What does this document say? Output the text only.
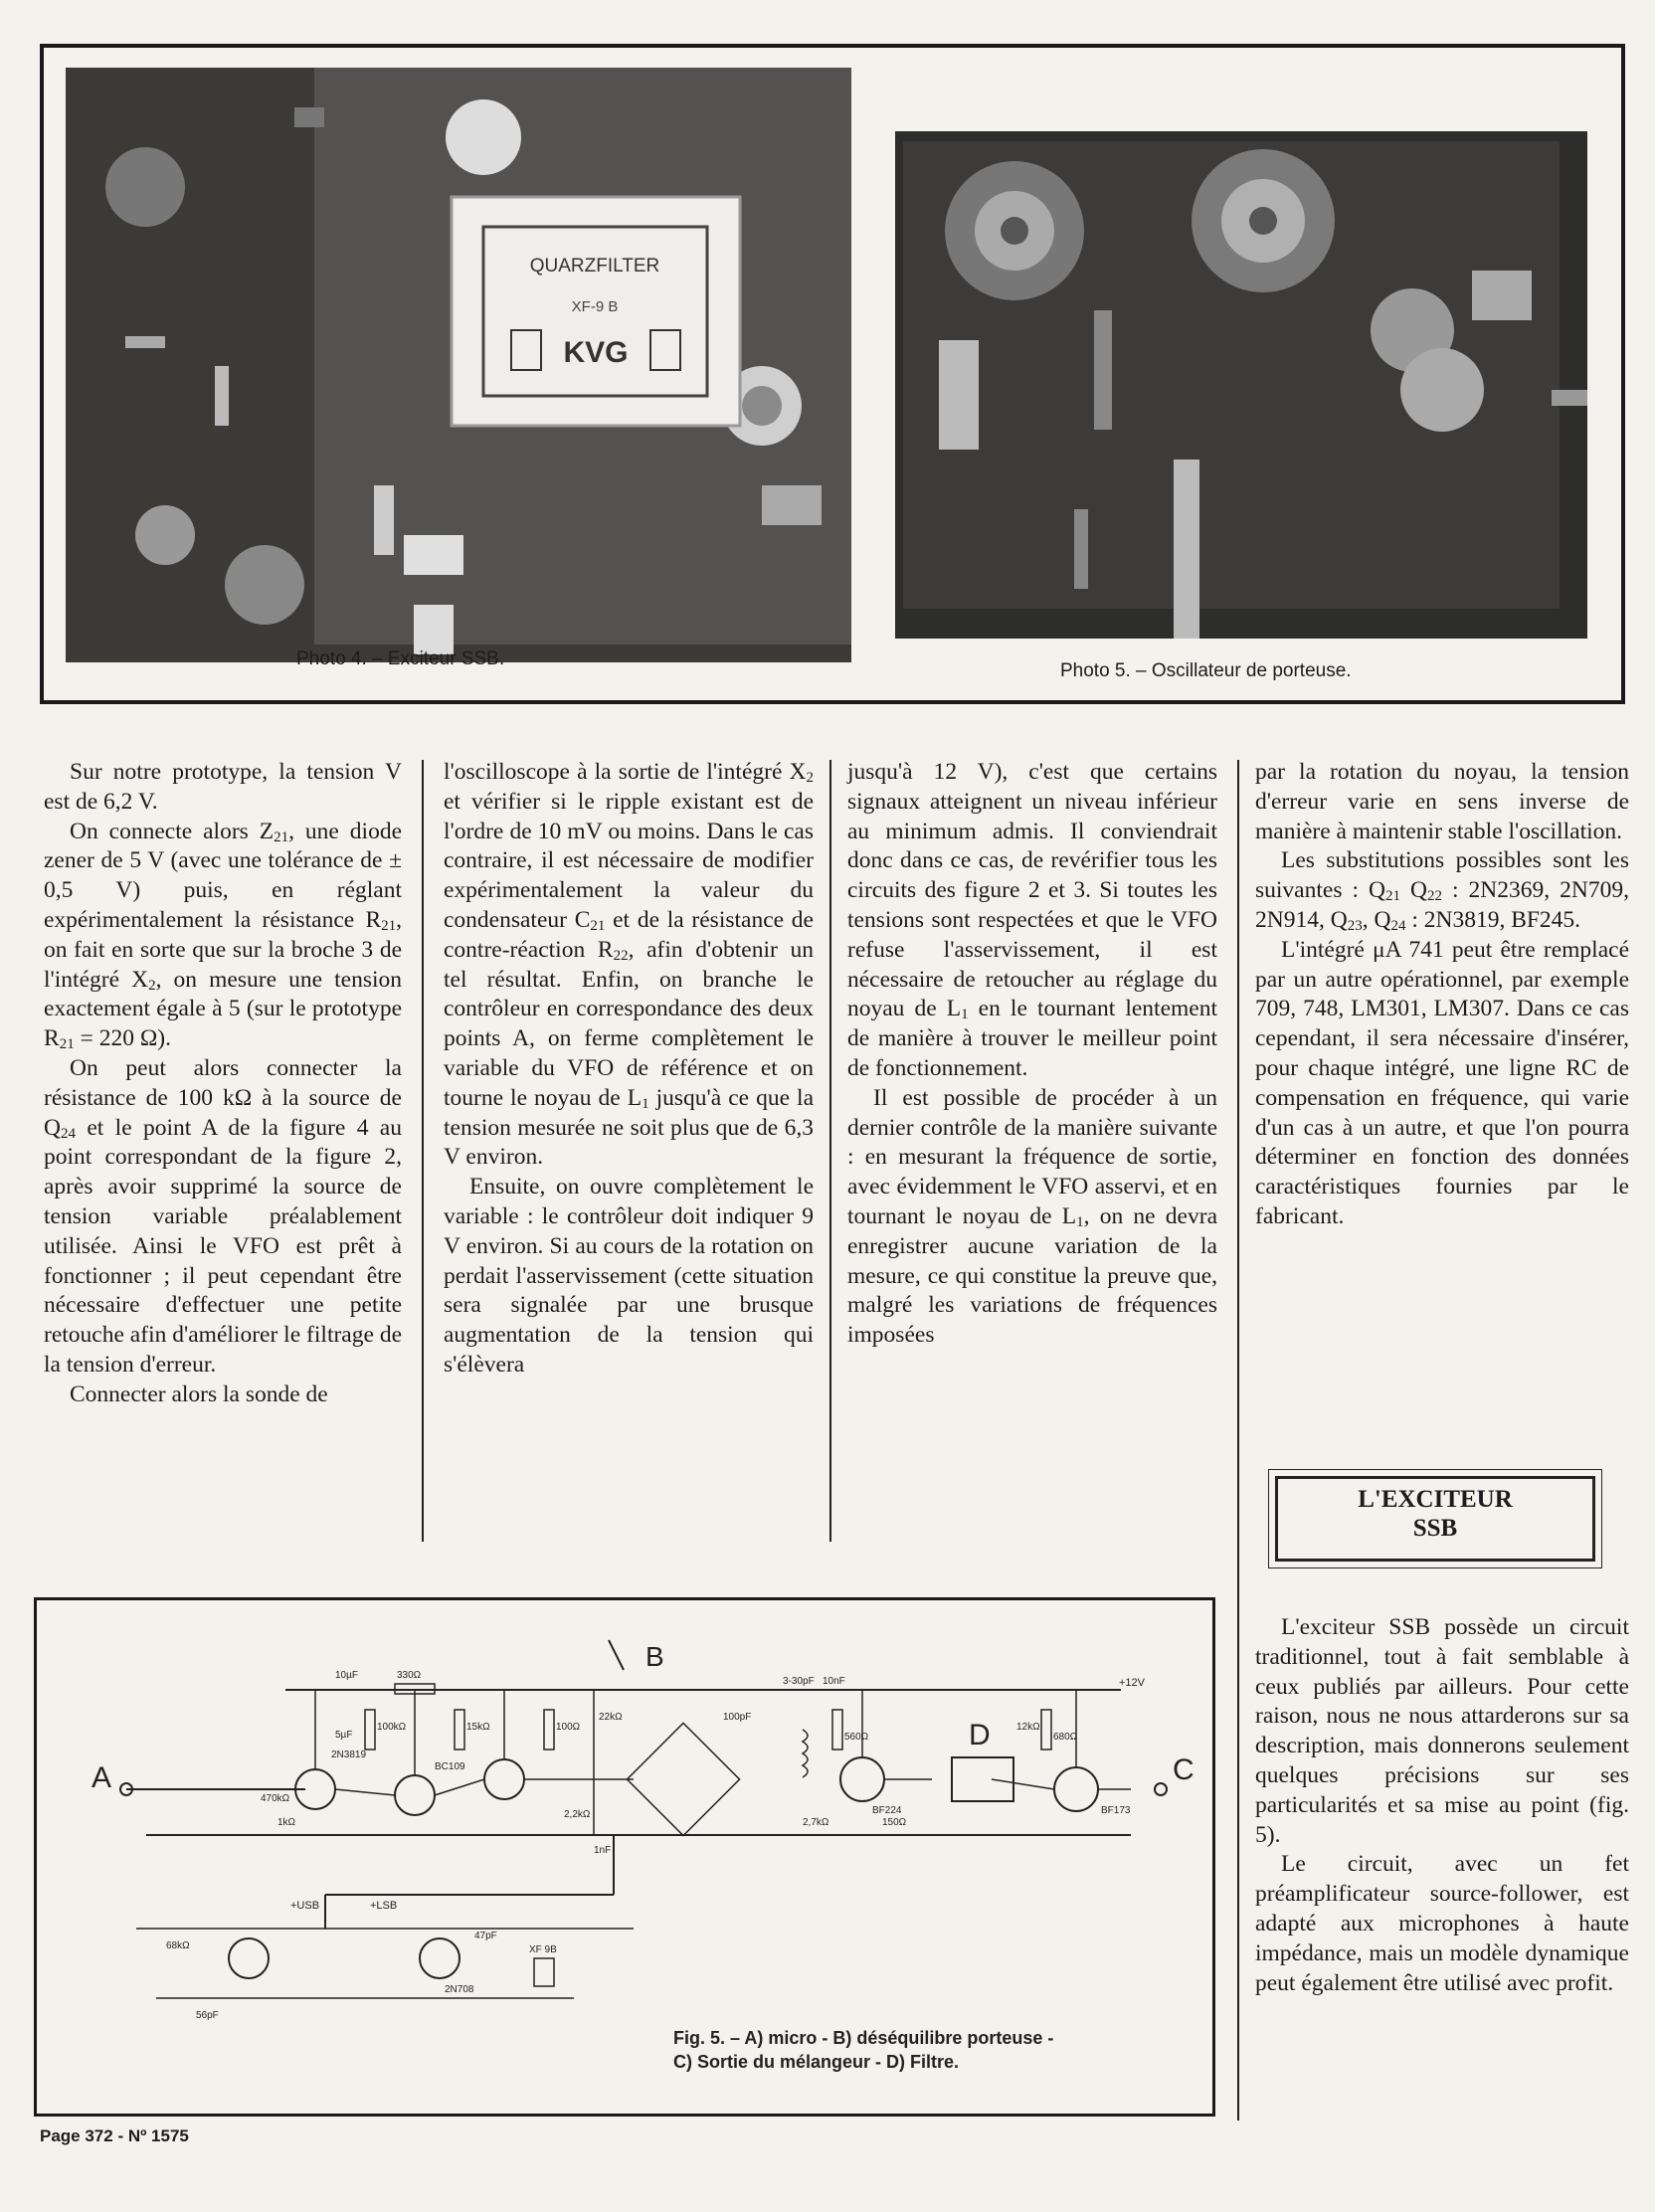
QUARZFILTER
XF-9 B
KVG
Photo 4. – Exciteur SSB.
Photo 5. – Oscillateur de porteuse.

Sur notre prototype, la tension V est de 6,2 V.

On connecte alors $Z_{21}$, une diode zener de 5 V (avec une tolérance de ± 0,5 V) puis, en réglant expérimentalement la résistance $R_{21}$, on fait en sorte que sur la broche 3 de l'intégré $X_2$, on mesure une tension exactement égale à 5 (sur le prototype $R_{21} = 220$ Ω).

On peut alors connecter la résistance de 100 kΩ à la source de $Q_{24}$ et le point A de la figure 4 au point correspondant de la figure 2, après avoir supprimé la source de tension variable préalablement utilisée. Ainsi le VFO est prêt à fonctionner ; il peut cependant être nécessaire d'effectuer une petite retouche afin d'améliorer le filtrage de la tension d'erreur.

Connecter alors la sonde de

l'oscilloscope à la sortie de l'intégré $X_2$ et vérifier si le ripple existant est de l'ordre de 10 mV ou moins. Dans le cas contraire, il est nécessaire de modifier expérimentalement la valeur du condensateur $C_{21}$ et de la résistance de contre-réaction $R_{22}$, afin d'obtenir un tel résultat. Enfin, on branche le contrôleur en correspondance des deux points A, on ferme complètement le variable du VFO de référence et on tourne le noyau de $L_1$ jusqu'à ce que la tension mesurée ne soit plus que de 6,3 V environ.

Ensuite, on ouvre complètement le variable : le contrôleur doit indiquer 9 V environ. Si au cours de la rotation on perdait l'asservissement (cette situation sera signalée par une brusque augmentation de la tension qui s'élèvera

jusqu'à 12 V), c'est que certains signaux atteignent un niveau inférieur au minimum admis. Il conviendrait donc dans ce cas, de revérifier tous les circuits des figure 2 et 3. Si toutes les tensions sont respectées et que le VFO refuse l'asservissement, il est nécessaire de retoucher au réglage du noyau de $L_1$ en le tournant lentement de manière à trouver le meilleur point de fonctionnement.

Il est possible de procéder à un dernier contrôle de la manière suivante : en mesurant la fréquence de sortie, avec évidemment le VFO asservi, et en tournant le noyau de $L_1$, on ne devra enregistrer aucune variation de la mesure, ce qui constitue la preuve que, malgré les variations de fréquences imposées

par la rotation du noyau, la tension d'erreur varie en sens inverse de manière à maintenir stable l'oscillation.

Les substitutions possibles sont les suivantes : $Q_{21}$ $Q_{22}$ : 2N2369, 2N709, 2N914, $Q_{23}$, $Q_{24}$ : 2N3819, BF245.

L'intégré μA 741 peut être remplacé par un autre opérationnel, par exemple 709, 748, LM301, LM307. Dans ce cas cependant, il sera nécessaire d'insérer, pour chaque intégré, une ligne RC de compensation en fréquence, qui varie d'un cas à un autre, et que l'on pourra déterminer en fonction des données caractéristiques fournies par le fabricant.

L'EXCITEUR
SSB

L'exciteur SSB possède un circuit traditionnel, tout à fait semblable à ceux publiés par ailleurs. Pour cette raison, nous ne nous attarderons sur sa description, mais donnerons seulement quelques précisions sur ses particularités et sa mise au point (fig. 5).

Le circuit, avec un fet préamplificateur source-follower, est adapté aux microphones à haute impédance, mais un modèle dynamique peut également être utilisé avec profit.

+12V
D
A
B
C
+USB	+LSB
10µF	330Ω
100kΩ	15kΩ	100Ω
22kΩ
1kΩ
470kΩ
BC109
2N3819
5µF
2,2kΩ
100pF
3-30pF 10nF
560Ω
150Ω
2,7kΩ
680Ω
BF173
BF224
12kΩ
68kΩ
1nF
47pF
56pF
2N708
XF 9B
Fig. 5. – A) micro - B) déséquilibre porteuse -
C) Sortie du mélangeur - D) Filtre.
Page 372 - Nº 1575
